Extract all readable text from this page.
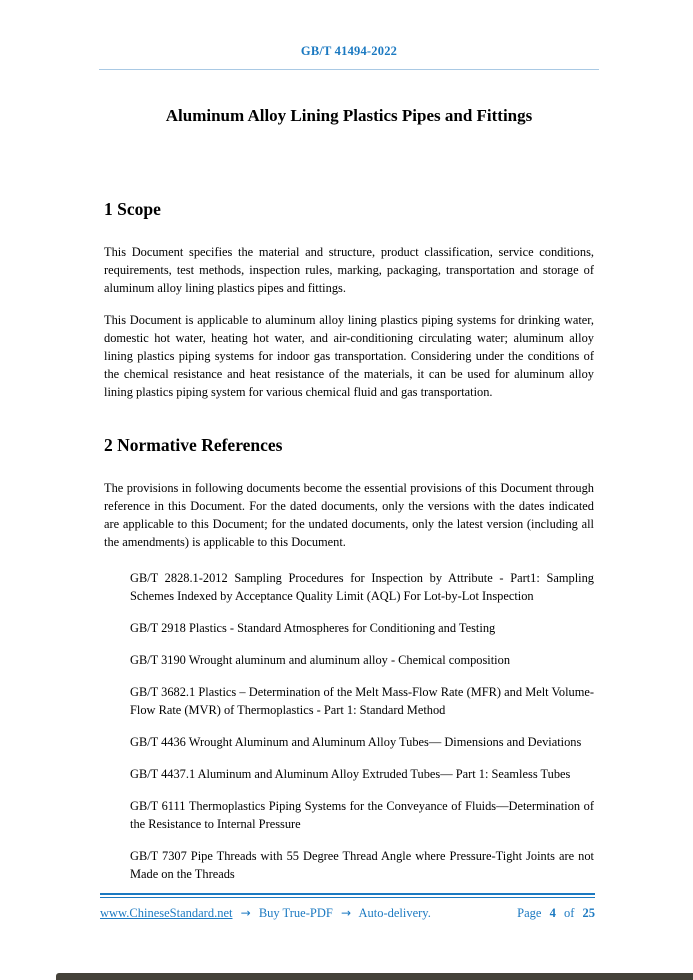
GB/T 41494-2022
Aluminum Alloy Lining Plastics Pipes and Fittings
1 Scope

This Document specifies the material and structure, product classification, service conditions, requirements, test methods, inspection rules, marking, packaging, transportation and storage of aluminum alloy lining plastics pipes and fittings.

This Document is applicable to aluminum alloy lining plastics piping systems for drinking water, domestic hot water, heating hot water, and air-conditioning circulating water; aluminum alloy lining plastics piping systems for indoor gas transportation. Considering under the conditions of the chemical resistance and heat resistance of the materials, it can be used for aluminum alloy lining plastics piping system for various chemical fluid and gas transportation.

2 Normative References

The provisions in following documents become the essential provisions of this Document through reference in this Document. For the dated documents, only the versions with the dates indicated are applicable to this Document; for the undated documents, only the latest version (including all the amendments) is applicable to this Document.

GB/T 2828.1-2012 Sampling Procedures for Inspection by Attribute - Part1: Sampling Schemes Indexed by Acceptance Quality Limit (AQL) For Lot-by-Lot Inspection

GB/T 2918 Plastics - Standard Atmospheres for Conditioning and Testing

GB/T 3190 Wrought aluminum and aluminum alloy - Chemical composition

GB/T 3682.1 Plastics – Determination of the Melt Mass-Flow Rate (MFR) and Melt Volume-Flow Rate (MVR) of Thermoplastics - Part 1: Standard Method

GB/T 4436 Wrought Aluminum and Aluminum Alloy Tubes— Dimensions and Deviations

GB/T 4437.1 Aluminum and Aluminum Alloy Extruded Tubes— Part 1: Seamless Tubes

GB/T 6111 Thermoplastics Piping Systems for the Conveyance of Fluids—Determination of the Resistance to Internal Pressure

GB/T 7307 Pipe Threads with 55 Degree Thread Angle where Pressure-Tight Joints are not Made on the Threads

www.ChineseStandard.net → Buy True-PDF → Auto-delivery.	Page 4 of 25
